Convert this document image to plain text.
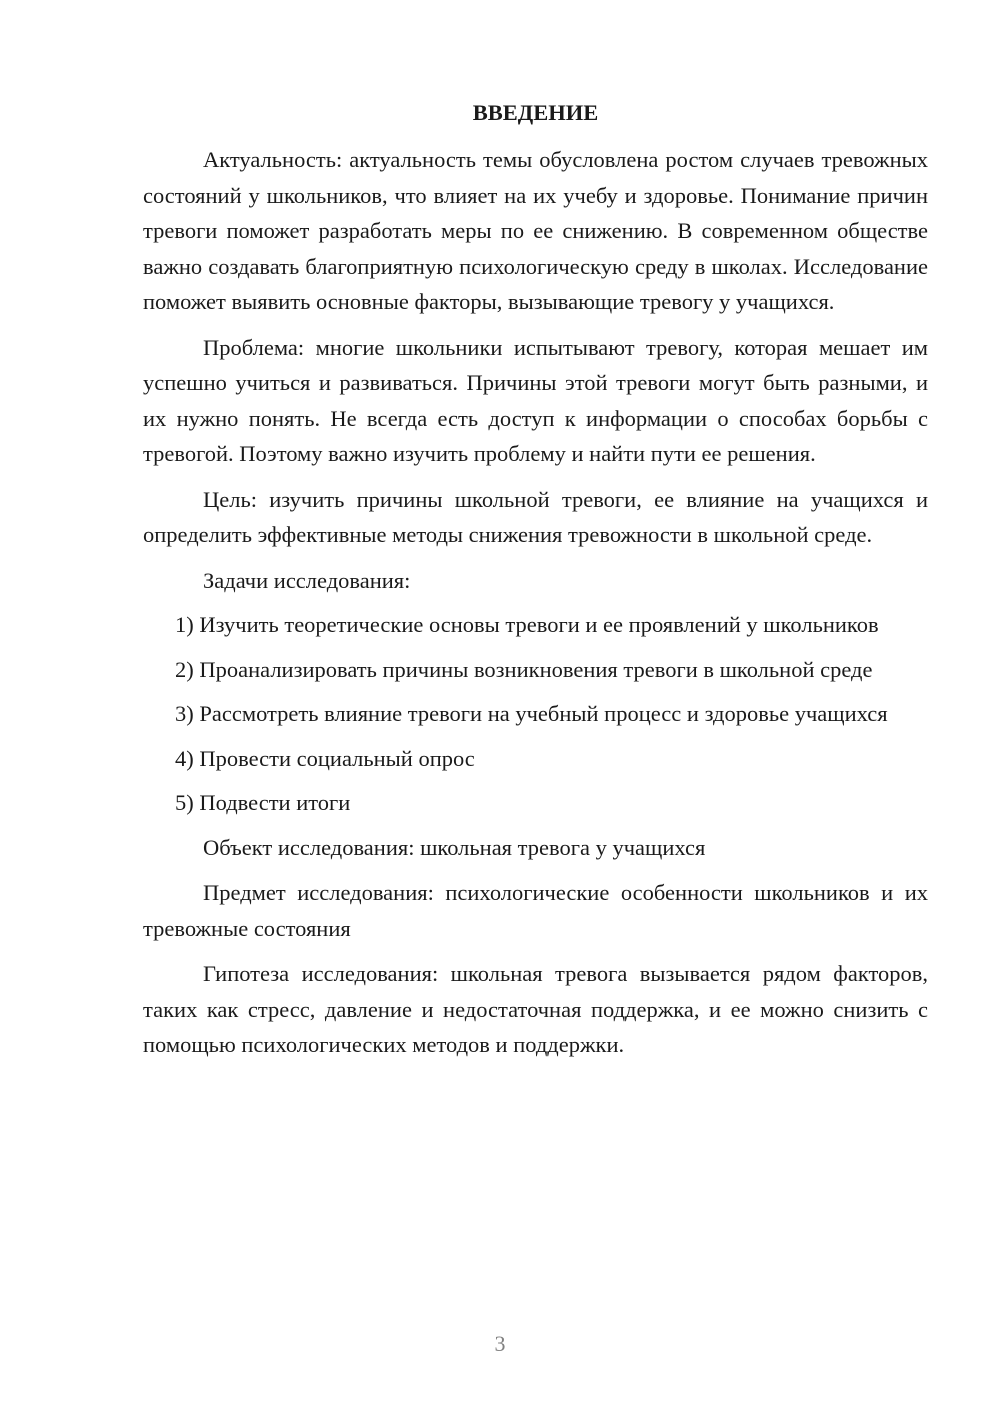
ВВЕДЕНИЕ

Актуальность: актуальность темы обусловлена ростом случаев тревожных состояний у школьников, что влияет на их учебу и здоровье. Понимание причин тревоги поможет разработать меры по ее снижению. В современном обществе важно создавать благоприятную психологическую среду в школах. Исследование поможет выявить основные факторы, вызывающие тревогу у учащихся.

Проблема: многие школьники испытывают тревогу, которая мешает им успешно учиться и развиваться. Причины этой тревоги могут быть разными, и их нужно понять. Не всегда есть доступ к информации о способах борьбы с тревогой. Поэтому важно изучить проблему и найти пути ее решения.

Цель: изучить причины школьной тревоги, ее влияние на учащихся и определить эффективные методы снижения тревожности в школьной среде.

Задачи исследования:

1) Изучить теоретические основы тревоги и ее проявлений у школьников

2) Проанализировать причины возникновения тревоги в школьной среде

3) Рассмотреть влияние тревоги на учебный процесс и здоровье учащихся

4) Провести социальный опрос

5) Подвести итоги

Объект исследования: школьная тревога у учащихся

Предмет исследования: психологические особенности школьников и их тревожные состояния

Гипотеза исследования: школьная тревога вызывается рядом факторов, таких как стресс, давление и недостаточная поддержка, и ее можно снизить с помощью психологических методов и поддержки.

3
